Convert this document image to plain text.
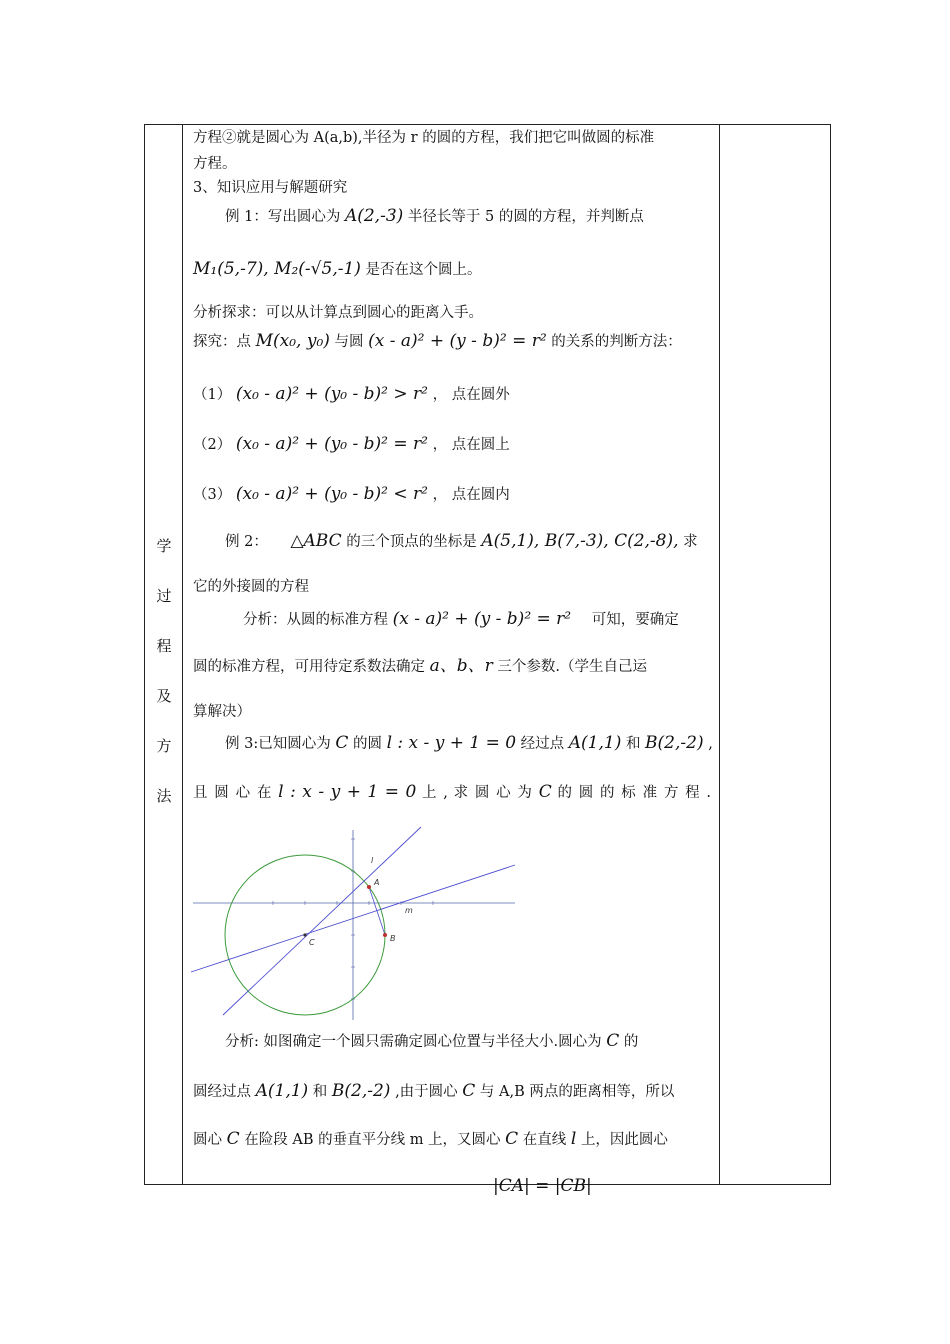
学
过
程
及
方
法
方程②就是圆心为 A(a,b),半径为 r 的圆的方程，我们把它叫做圆的标准
方程。
3、知识应用与解题研究
例 1：写出圆心为 A(2,-3) 半径长等于 5 的圆的方程，并判断点
M₁(5,-7), M₂(-√5,-1) 是否在这个圆上。
分析探求：可以从计算点到圆心的距离入手。
探究：点 M(x₀, y₀) 与圆 (x - a)² + (y - b)² = r² 的关系的判断方法：
（1） (x₀ - a)² + (y₀ - b)² > r² ， 点在圆外
（2） (x₀ - a)² + (y₀ - b)² = r² ， 点在圆上
（3） (x₀ - a)² + (y₀ - b)² < r² ， 点在圆内
例 2： △ABC 的三个顶点的坐标是 A(5,1), B(7,-3), C(2,-8), 求
它的外接圆的方程
分析：从圆的标准方程 (x - a)² + (y - b)² = r² 可知，要确定
圆的标准方程，可用待定系数法确定 a、b、r 三个参数.（学生自己运
算解决）
例 3:已知圆心为 C 的圆 l : x - y + 1 = 0 经过点 A(1,1) 和 B(2,-2) ,
且 圆 心 在 l : x - y + 1 = 0 上 , 求 圆 心 为 C 的 圆 的 标 准 方 程 .
A
B
C
l
m
分析: 如图确定一个圆只需确定圆心位置与半径大小.圆心为 C 的
圆经过点 A(1,1) 和 B(2,-2) ,由于圆心 C 与 A,B 两点的距离相等，所以
圆心 C 在险段 AB 的垂直平分线 m 上，又圆心 C 在直线 l 上，因此圆心
|CA| = |CB|
